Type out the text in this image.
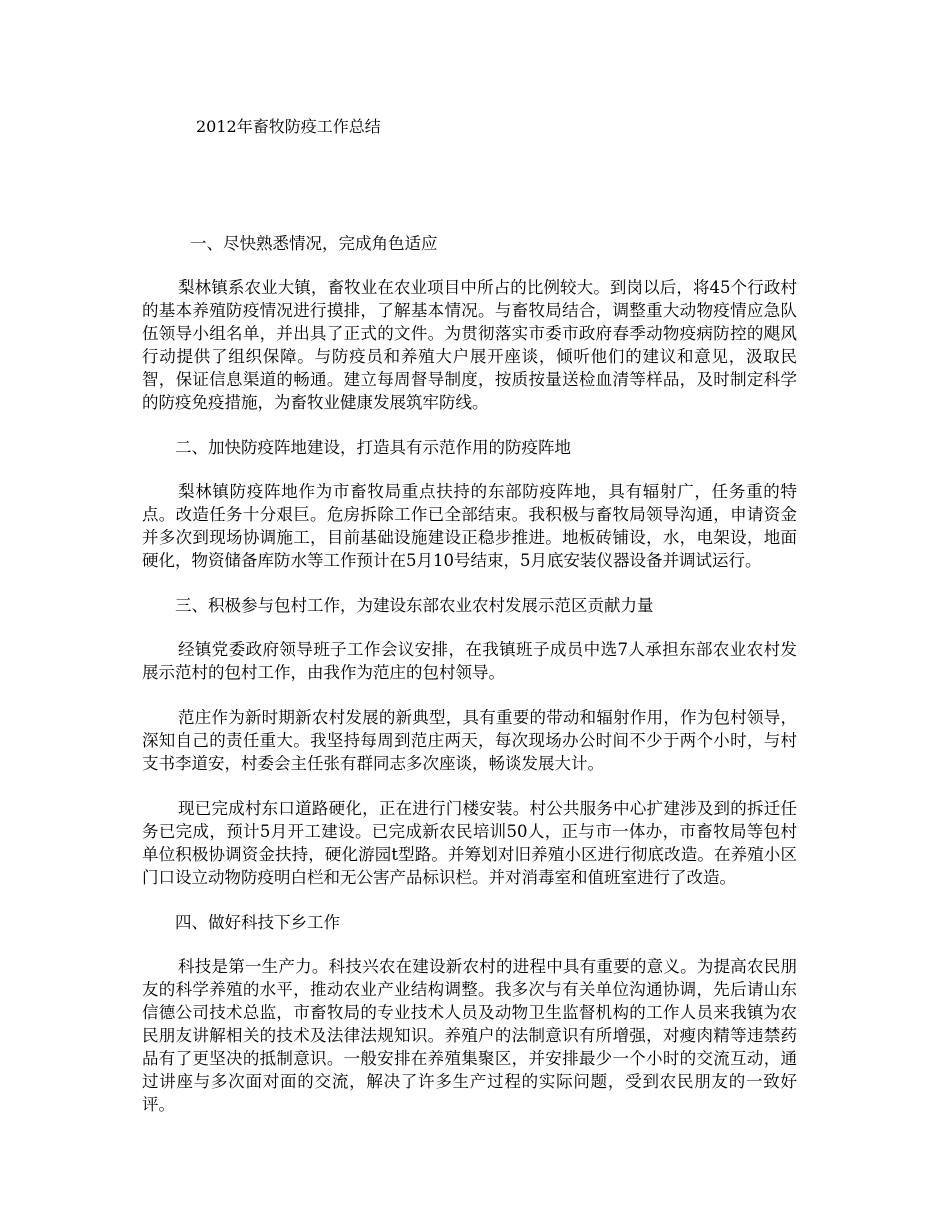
2012年畜牧防疫工作总结
一、尽快熟悉情况，完成角色适应

梨林镇系农业大镇，畜牧业在农业项目中所占的比例较大。到岗以后，将45个行政村的基本养殖防疫情况进行摸排，了解基本情况。与畜牧局结合，调整重大动物疫情应急队伍领导小组名单，并出具了正式的文件。为贯彻落实市委市政府春季动物疫病防控的飓风行动提供了组织保障。与防疫员和养殖大户展开座谈，倾听他们的建议和意见，汲取民智，保证信息渠道的畅通。建立每周督导制度，按质按量送检血清等样品，及时制定科学的防疫免疫措施，为畜牧业健康发展筑牢防线。

二、加快防疫阵地建设，打造具有示范作用的防疫阵地

梨林镇防疫阵地作为市畜牧局重点扶持的东部防疫阵地，具有辐射广，任务重的特点。改造任务十分艰巨。危房拆除工作已全部结束。我积极与畜牧局领导沟通，申请资金并多次到现场协调施工，目前基础设施建设正稳步推进。地板砖铺设，水，电架设，地面硬化，物资储备库防水等工作预计在5月10号结束，5月底安装仪器设备并调试运行。

三、积极参与包村工作，为建设东部农业农村发展示范区贡献力量

经镇党委政府领导班子工作会议安排，在我镇班子成员中选7人承担东部农业农村发展示范村的包村工作，由我作为范庄的包村领导。

范庄作为新时期新农村发展的新典型，具有重要的带动和辐射作用，作为包村领导，深知自己的责任重大。我坚持每周到范庄两天，每次现场办公时间不少于两个小时，与村支书李道安，村委会主任张有群同志多次座谈，畅谈发展大计。

现已完成村东口道路硬化，正在进行门楼安装。村公共服务中心扩建涉及到的拆迁任务已完成，预计5月开工建设。已完成新农民培训50人，正与市一体办，市畜牧局等包村单位积极协调资金扶持，硬化游园t型路。并筹划对旧养殖小区进行彻底改造。在养殖小区门口设立动物防疫明白栏和无公害产品标识栏。并对消毒室和值班室进行了改造。

四、做好科技下乡工作

科技是第一生产力。科技兴农在建设新农村的进程中具有重要的意义。为提高农民朋友的科学养殖的水平，推动农业产业结构调整。我多次与有关单位沟通协调，先后请山东信德公司技术总监，市畜牧局的专业技术人员及动物卫生监督机构的工作人员来我镇为农民朋友讲解相关的技术及法律法规知识。养殖户的法制意识有所增强，对瘦肉精等违禁药品有了更坚决的抵制意识。一般安排在养殖集聚区，并安排最少一个小时的交流互动，通过讲座与多次面对面的交流，解决了许多生产过程的实际问题，受到农民朋友的一致好评。
